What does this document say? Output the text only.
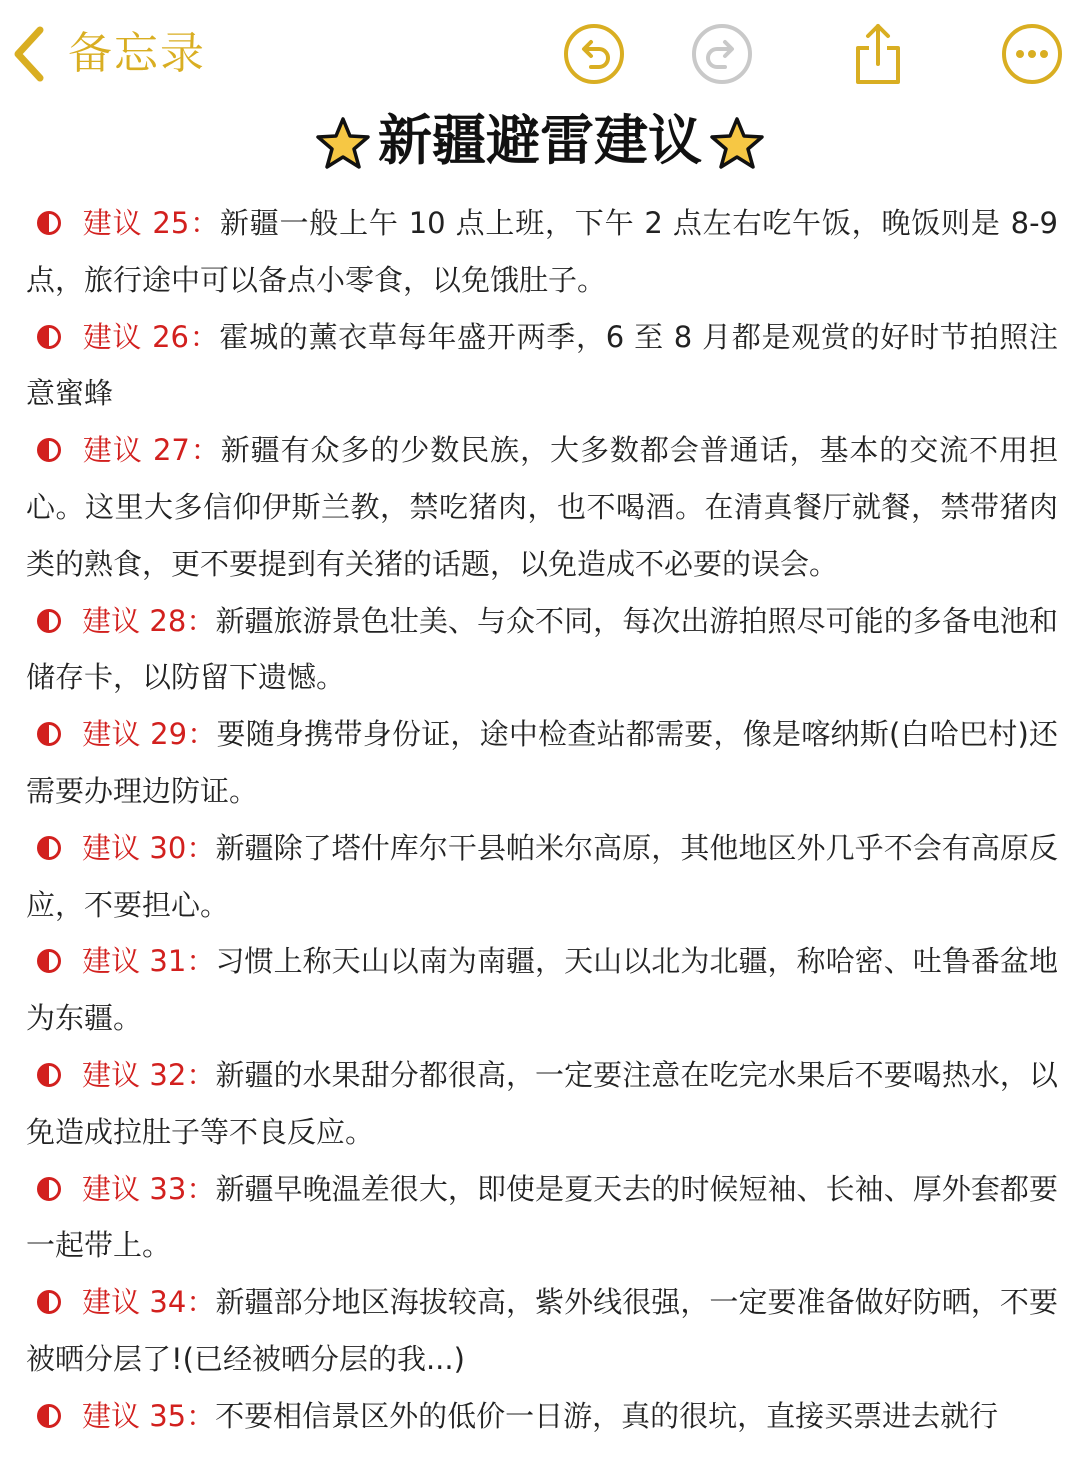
备忘录
新疆避雷建议
建议 25：新疆一般上午 10 点上班，下午 2 点左右吃午饭，晚饭则是 8-9 点，旅行途中可以备点小零食，以免饿肚子。
建议 26：霍城的薰衣草每年盛开两季，6 至 8 月都是观赏的好时节拍照注意蜜蜂
建议 27：新疆有众多的少数民族，大多数都会普通话，基本的交流不用担心。这里大多信仰伊斯兰教，禁吃猪肉，也不喝酒。在清真餐厅就餐，禁带猪肉类的熟食，更不要提到有关猪的话题，以免造成不必要的误会。
建议 28：新疆旅游景色壮美、与众不同，每次出游拍照尽可能的多备电池和储存卡，以防留下遗憾。
建议 29：要随身携带身份证，途中检查站都需要，像是喀纳斯(白哈巴村)还需要办理边防证。
建议 30：新疆除了塔什库尔干县帕米尔高原，其他地区外几乎不会有高原反应，不要担心。
建议 31：习惯上称天山以南为南疆，天山以北为北疆，称哈密、吐鲁番盆地为东疆。
建议 32：新疆的水果甜分都很高，一定要注意在吃完水果后不要喝热水，以免造成拉肚子等不良反应。
建议 33：新疆早晚温差很大，即使是夏天去的时候短袖、长袖、厚外套都要一起带上。
建议 34：新疆部分地区海拔较高，紫外线很强，一定要准备做好防晒，不要被晒分层了!(已经被晒分层的我...)
建议 35：不要相信景区外的低价一日游，真的很坑，直接买票进去就行
